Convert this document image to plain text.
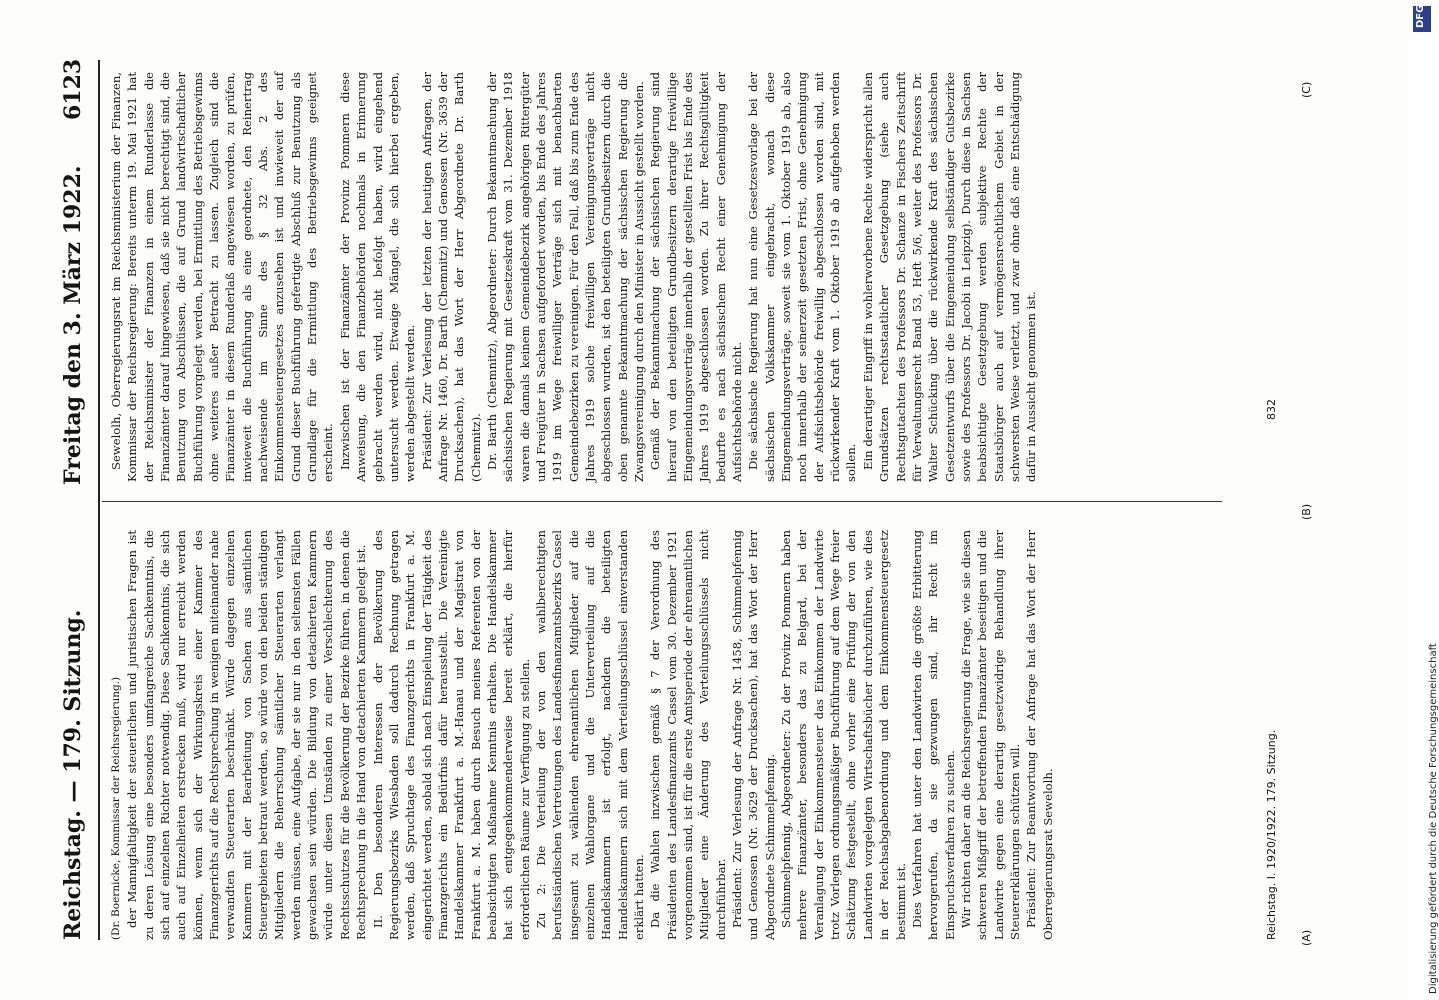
Reichstag. — 179. Sitzung.
Freitag den 3. März 1922.
6123

(Dr. Boernicke, Kommissar der Reichsregierung.) der Mannigfaltigkeit der steuerlichen und juristischen Fragen ist zu deren Lösung eine besonders umfangreiche Sachkenntnis, die sich auf einzelnen Richter notwendig. Diese Sachkenntnis, die sich auch auf Einzelheiten erstrecken muß, wird nur erreicht werden können, wenn sich der Wirkungskreis einer Kammer des Finanzgerichts auf die Rechtsprechung in wenigen miteinander nahe verwandten Steuerarten beschränkt. Würde dagegen einzelnen Kammern mit der Bearbeitung von Sachen aus sämtlichen Steuergebieten betraut werden, so würde von den beiden ständigen Mitgliedern die Beherrschung sämtlicher Steuerarten verlangt werden müssen, eine Aufgabe, der sie nur in den seltensten Fällen gewachsen sein würden. Die Bildung von detachierten Kammern würde unter diesen Umständen zu einer Verschlechterung des Rechtsschutzes für die Bevölkerung der Bezirke führen, in denen die Rechtsprechung in die Hand von detachierten Kammern gelegt ist. II. Den besonderen Interessen der Bevölkerung des Regierungsbezirks Wiesbaden soll dadurch Rechnung getragen werden, daß Spruchtage des Finanzgerichts in Frankfurt a. M. eingerichtet werden, sobald sich nach Einspielung der Tätigkeit des Finanzgerichts ein Bedürfnis dafür herausstellt. Die Vereinigte Handelskammer Frankfurt a. M.-Hanau und der Magistrat von Frankfurt a. M. haben durch Besuch meines Referenten von der beabsichtigten Maßnahme Kenntnis erhalten. Die Handelskammer hat sich entgegenkommenderweise bereit erklärt, die hierfür erforderlichen Räume zur Verfügung zu stellen. Zu 2: Die Verteilung der von den wahlberechtigten berufsständischen Vertretungen des Landesfinanzamtsbezirks Cassel insgesamt zu wählenden ehrenamtlichen Mitglieder auf die einzelnen Wahlorgane und die Unterverteilung auf die Handelskammern ist erfolgt, nachdem die beteiligten Handelskammern sich mit dem Verteilungsschlüssel einverstanden erklärt hatten. Da die Wahlen inzwischen gemäß § 7 der Verordnung des Präsidenten des Landesfinanzamts Cassel vom 30. Dezember 1921 vorgenommen sind, ist für die erste Amtsperiode der ehrenamtlichen Mitglieder eine Änderung des Verteilungsschlüssels nicht durchführbar. Präsident: Zur Verlesung der Anfrage Nr. 1458, Schimmelpfennig und Genossen (Nr. 3629 der Drucksachen), hat das Wort der Herr Abgeordnete Schimmelpfennig. Schimmelpfennig, Abgeordneter: Zu der Provinz Pommern haben mehrere Finanzämter, besonders das zu Belgard, bei der Veranlagung der Einkommensteuer das Einkommen der Landwirte trotz Vorlegen ordnungsmäßiger Buchführung auf dem Wege freier Schätzung festgestellt, ohne vorher eine Prüfung der von den Landwirten vorgelegten Wirtschaftsbücher durchzuführen, wie dies in der Reichsabgabenordnung und dem Einkommensteuergesetz bestimmt ist. Dies Verfahren hat unter den Landwirten die größte Erbitterung hervorgerufen, da sie gezwungen sind, ihr Recht im Einspruchsverfahren zu suchen. Wir richten daher an die Reichsregierung die Frage, wie sie diesen schweren Mißgriff der betreffenden Finanzämter beseitigen und die Landwirte gegen eine derartig gesetzwidrige Behandlung ihrer Steuererklärungen schützen will. Präsident: Zur Beantwortung der Anfrage hat das Wort der Herr Oberregierungsrat Sewelolh.

Sewelolh, Oberregierungsrat im Reichsministerium der Finanzen, Kommissar der Reichsregierung: Bereits unterm 19. Mai 1921 hat der Reichsminister der Finanzen in einem Runderlasse die Finanzämter darauf hingewiesen, daß sie nicht berechtigt sind, die Benutzung von Abschlüssen, die auf Grund landwirtschaftlicher Buchführung vorgelegt werden, bei Ermittlung des Betriebsgewinns ohne weiteres außer Betracht zu lassen. Zugleich sind die Finanzämter in diesem Runderlaß angewiesen worden, zu prüfen, inwieweit die Buchführung als eine geordnete, den Reinertrag nachweisende im Sinne des § 32 Abs. 2 des Einkommensteuergesetzes anzusehen ist und inwieweit der auf Grund dieser Buchführung gefertigte Abschluß zur Benutzung als Grundlage für die Ermittlung des Betriebsgewinns geeignet erscheint. Inzwischen ist der Finanzämter der Provinz Pommern diese Anweisung, die den Finanzbehörden nochmals in Erinnerung gebracht werden wird, nicht befolgt haben, wird eingehend untersucht werden. Etwaige Mängel, die sich hierbei ergeben, werden abgestellt werden. Präsident: Zur Verlesung der letzten der heutigen Anfragen, der Anfrage Nr. 1460, Dr. Barth (Chemnitz) und Genossen (Nr. 3639 der Drucksachen), hat das Wort der Herr Abgeordnete Dr. Barth (Chemnitz). Dr. Barth (Chemnitz), Abgeordneter: Durch Bekanntmachung der sächsischen Regierung mit Gesetzeskraft vom 31. Dezember 1918 waren die damals keinem Gemeindebezirk angehörigen Rittergüter und Freigüter in Sachsen aufgefordert worden, bis Ende des Jahres 1919 im Wege freiwilliger Verträge sich mit benachbarten Gemeindebezirken zu vereinigen. Für den Fall, daß bis zum Ende des Jahres 1919 solche freiwilligen Vereinigungsverträge nicht abgeschlossen wurden, ist den beteiligten Grundbesitzern durch die oben genannte Bekanntmachung der sächsischen Regierung die Zwangsvereinigung durch den Minister in Aussicht gestellt worden. Gemäß der Bekanntmachung der sächsischen Regierung sind hierauf von den beteiligten Grundbesitzern derartige freiwillige Eingemeindungsverträge innerhalb der gestellten Frist bis Ende des Jahres 1919 abgeschlossen worden. Zu ihrer Rechtsgültigkeit bedurfte es nach sächsischem Recht einer Genehmigung der Aufsichtsbehörde nicht. Die sächsische Regierung hat nun eine Gesetzesvorlage bei der sächsischen Volkskammer eingebracht, wonach diese Eingemeindungsverträge, soweit sie vom 1. Oktober 1919 ab, also noch innerhalb der seinerzeit gesetzten Frist, ohne Genehmigung der Aufsichtsbehörde freiwillig abgeschlossen worden sind, mit rückwirkender Kraft vom 1. Oktober 1919 ab aufgehoben werden sollen. Ein derartiger Eingriff in wohlerworbene Rechte widerspricht allen Grundsätzen rechtsstaatlicher Gesetzgebung (siehe auch Rechtsgutachten des Professors Dr. Schanze in Fischers Zeitschrift für Verwaltungsrecht Band 53, Heft 5/6, weiter des Professors Dr. Walter Schücking über die rückwirkende Kraft des sächsischen Gesetzentwurfs über die Eingemeindung selbständiger Gutsbezirke sowie des Professors Dr. Jacobi in Leipzig). Durch diese in Sachsen beabsichtigte Gesetzgebung werden subjektive Rechte der Staatsbürger auch auf vermögensrechtlichem Gebiet in der schwersten Weise verletzt, und zwar ohne daß eine Entschädigung dafür in Aussicht genommen ist.

(A)
(B)
(C)
Reichstag. I. 1920/1922. 179. Sitzung.
832
DFG
Digitalisierung gefördert durch die Deutsche Forschungsgemeinschaft
